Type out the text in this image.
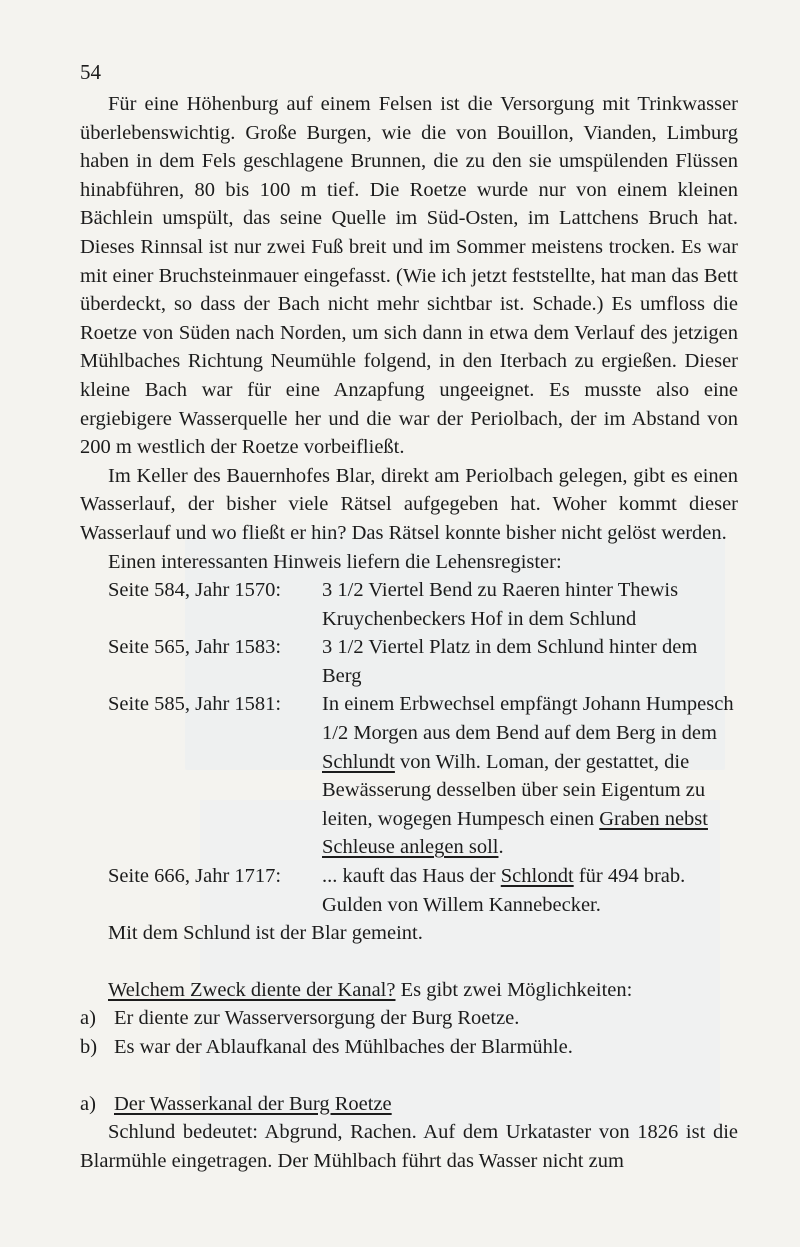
54

Für eine Höhenburg auf einem Felsen ist die Versorgung mit Trinkwasser überlebenswichtig. Große Burgen, wie die von Bouillon, Vianden, Limburg haben in dem Fels geschlagene Brunnen, die zu den sie umspülenden Flüssen hinabführen, 80 bis 100 m tief. Die Roetze wurde nur von einem kleinen Bächlein umspült, das seine Quelle im Süd-Osten, im Lattchens Bruch hat. Dieses Rinnsal ist nur zwei Fuß breit und im Sommer meistens trocken. Es war mit einer Bruchsteinmauer eingefasst. (Wie ich jetzt feststellte, hat man das Bett überdeckt, so dass der Bach nicht mehr sichtbar ist. Schade.) Es umfloss die Roetze von Süden nach Norden, um sich dann in etwa dem Verlauf des jetzigen Mühlbaches Richtung Neumühle folgend, in den Iterbach zu ergießen. Dieser kleine Bach war für eine Anzapfung ungeeignet. Es musste also eine ergiebigere Wasserquelle her und die war der Periolbach, der im Abstand von 200 m westlich der Roetze vorbeifließt.

Im Keller des Bauernhofes Blar, direkt am Periolbach gelegen, gibt es einen Wasserlauf, der bisher viele Rätsel aufgegeben hat. Woher kommt dieser Wasserlauf und wo fließt er hin? Das Rätsel konnte bisher nicht gelöst werden.

Einen interessanten Hinweis liefern die Lehensregister:

Seite 584, Jahr 1570:	3 1/2 Viertel Bend zu Raeren hinter Thewis Kruychenbeckers Hof in dem Schlund
Seite 565, Jahr 1583:	3 1/2 Viertel Platz in dem Schlund hinter dem Berg
Seite 585, Jahr 1581:	In einem Erbwechsel empfängt Johann Humpesch 1/2 Morgen aus dem Bend auf dem Berg in dem Schlundt von Wilh. Loman, der gestattet, die Bewässerung desselben über sein Eigentum zu leiten, wogegen Humpesch einen Graben nebst Schleuse anlegen soll.
Seite 666, Jahr 1717:	... kauft das Haus der Schlondt für 494 brab. Gulden von Willem Kannebecker.

Mit dem Schlund ist der Blar gemeint.

Welchem Zweck diente der Kanal? Es gibt zwei Möglichkeiten:

a) Er diente zur Wasserversorgung der Burg Roetze.
b) Es war der Ablaufkanal des Mühlbaches der Blarmühle.
a) Der Wasserkanal der Burg Roetze

Schlund bedeutet: Abgrund, Rachen. Auf dem Urkataster von 1826 ist die Blarmühle eingetragen. Der Mühlbach führt das Wasser nicht zum
